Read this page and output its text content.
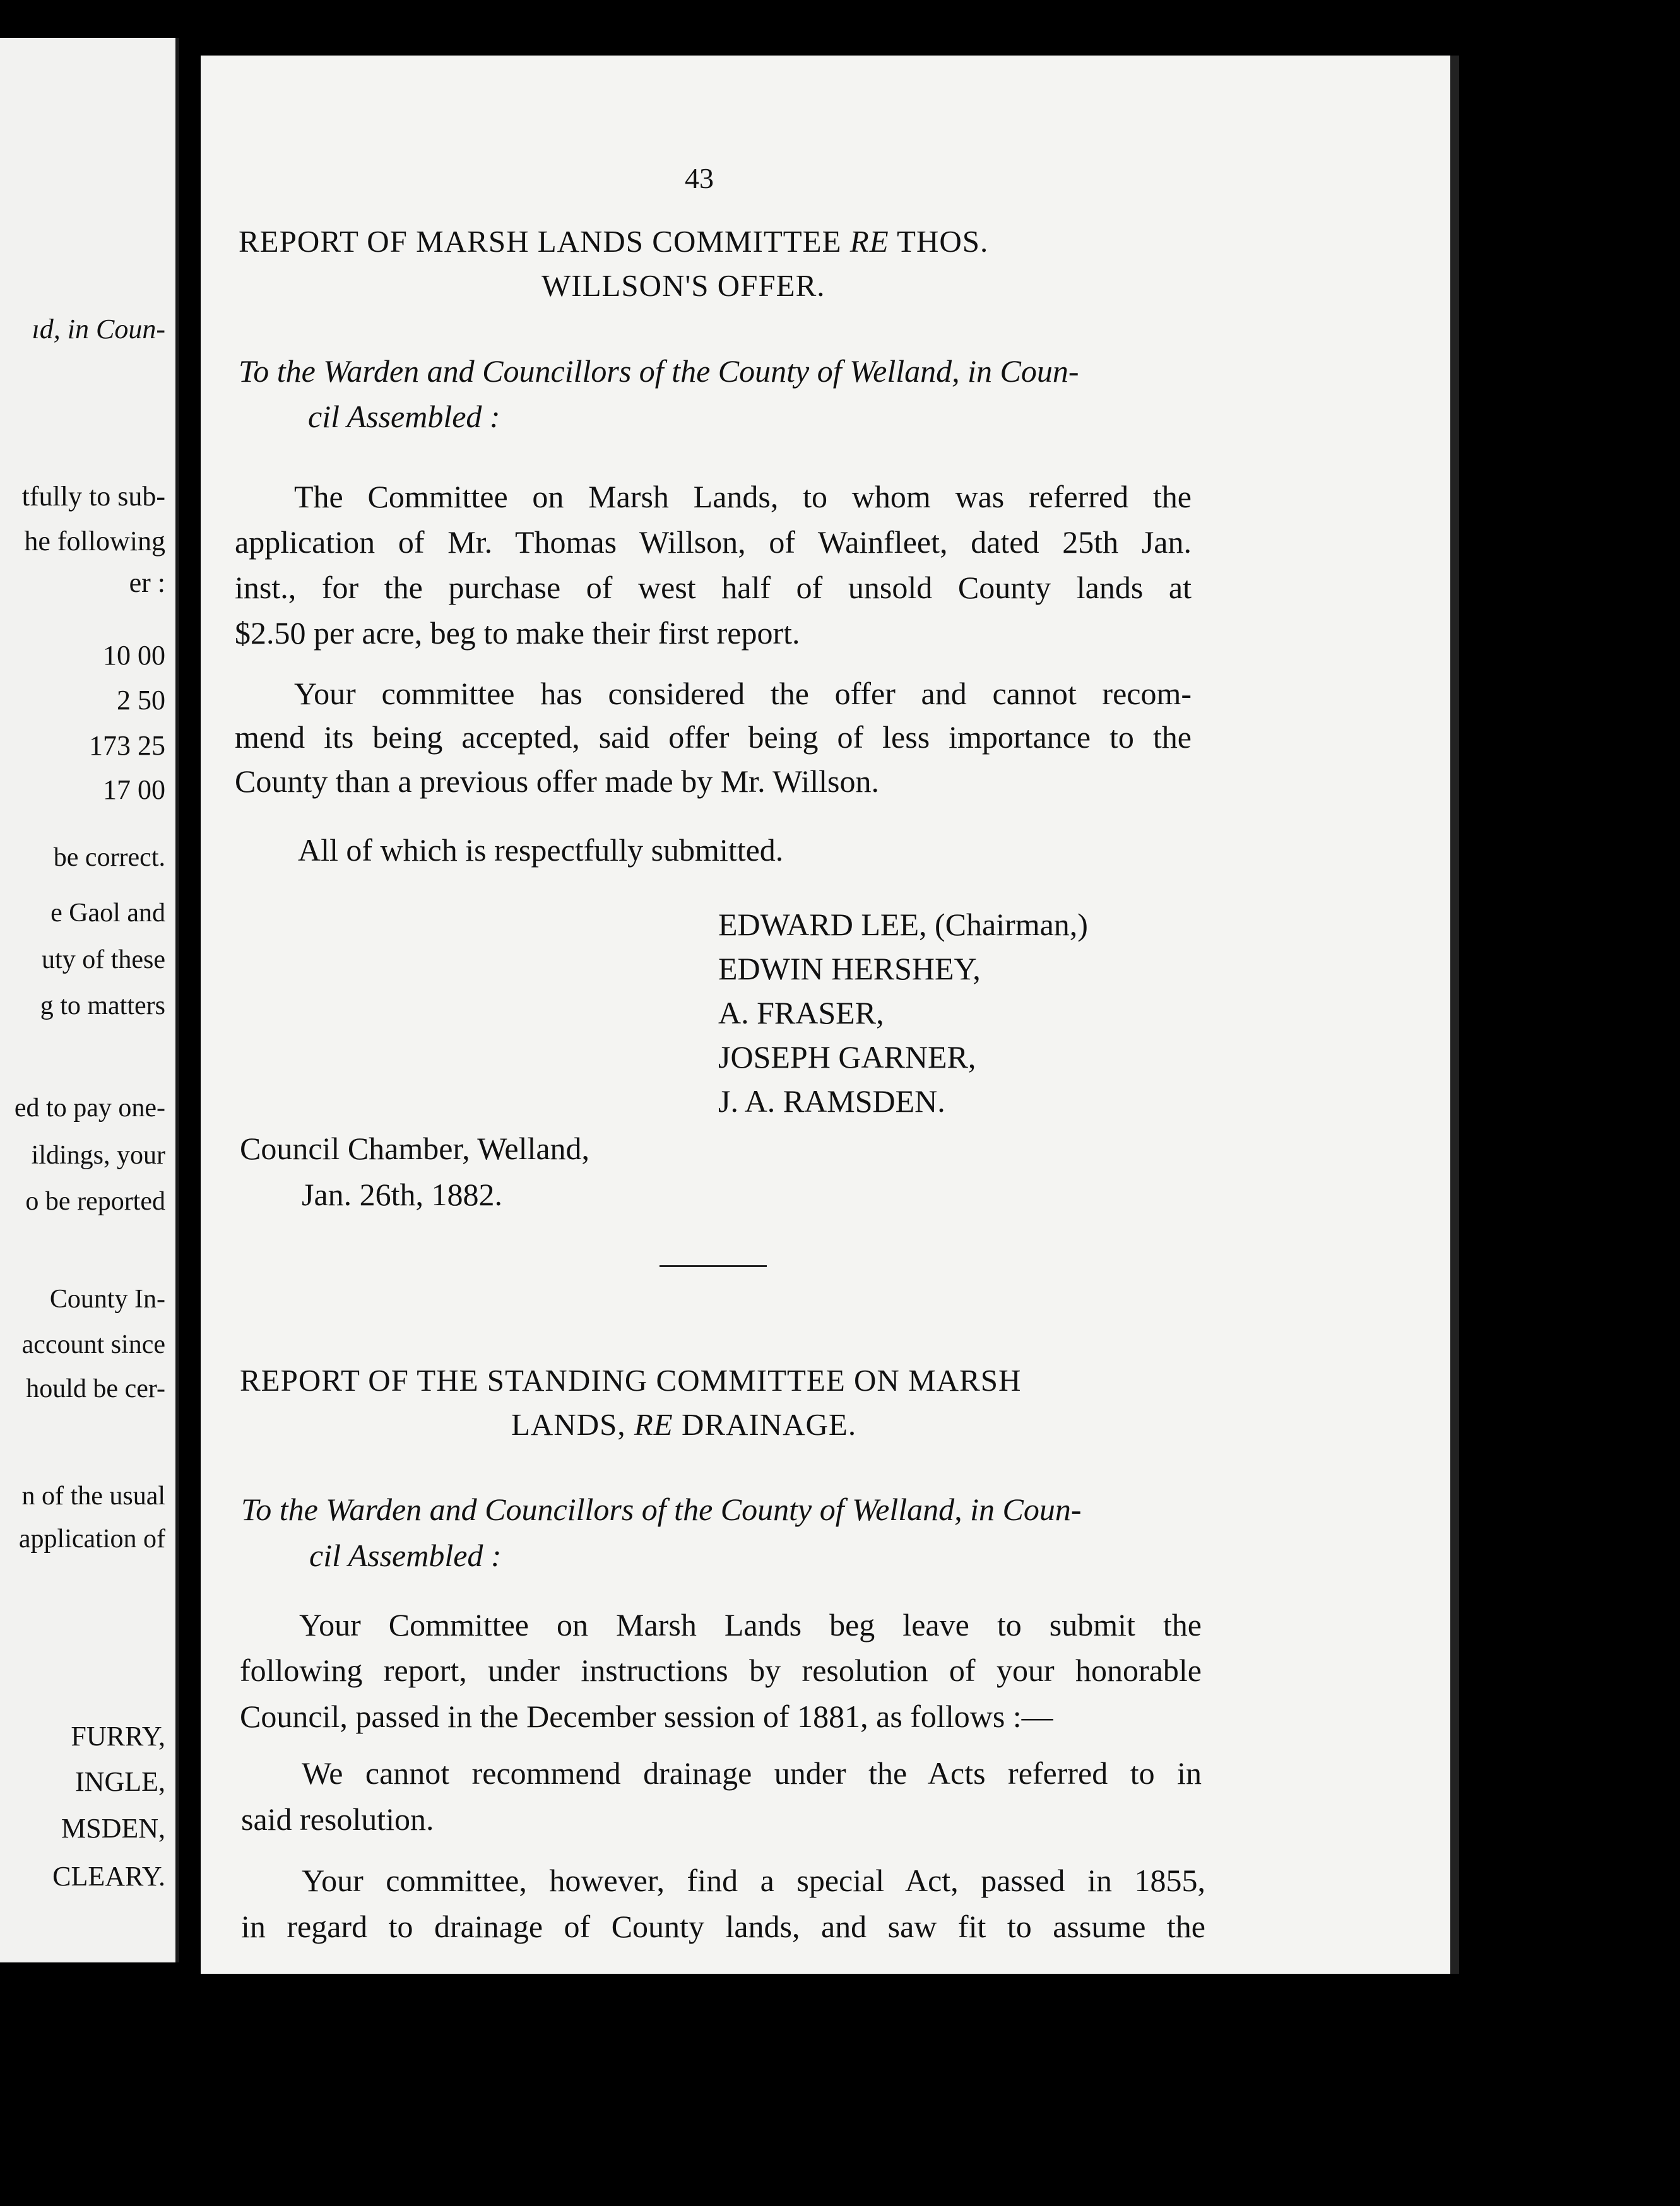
ıd, in Coun-
tfully to sub-
he following
er :
10 00
2 50
173 25
17 00
be correct.
e Gaol and
uty of these
g to matters
ed to pay one-
ildings, your
o be reported
County In-
account since
hould be cer-
n of the usual
application of
FURRY,
INGLE,
MSDEN,
CLEARY.
43
REPORT OF MARSH LANDS COMMITTEE RE THOS.
WILLSON'S OFFER.
To the Warden and Councillors of the County of Welland, in Coun-
cil Assembled :
The Committee on Marsh Lands, to whom was referred the
application of Mr. Thomas Willson, of Wainfleet, dated 25th Jan.
inst., for the purchase of west half of unsold County lands at
$2.50 per acre, beg to make their first report.
Your committee has considered the offer and cannot recom-
mend its being accepted, said offer being of less importance to the
County than a previous offer made by Mr. Willson.
All of which is respectfully submitted.
EDWARD LEE, (Chairman,)
EDWIN HERSHEY,
A. FRASER,
JOSEPH GARNER,
J. A. RAMSDEN.
Council Chamber, Welland,
Jan. 26th, 1882.
REPORT OF THE STANDING COMMITTEE ON MARSH
LANDS, RE DRAINAGE.
To the Warden and Councillors of the County of Welland, in Coun-
cil Assembled :
Your Committee on Marsh Lands beg leave to submit the
following report, under instructions by resolution of your honorable
Council, passed in the December session of 1881, as follows :—
We cannot recommend drainage under the Acts referred to in
said resolution.
Your committee, however, find a special Act, passed in 1855,
in regard to drainage of County lands, and saw fit to assume the
